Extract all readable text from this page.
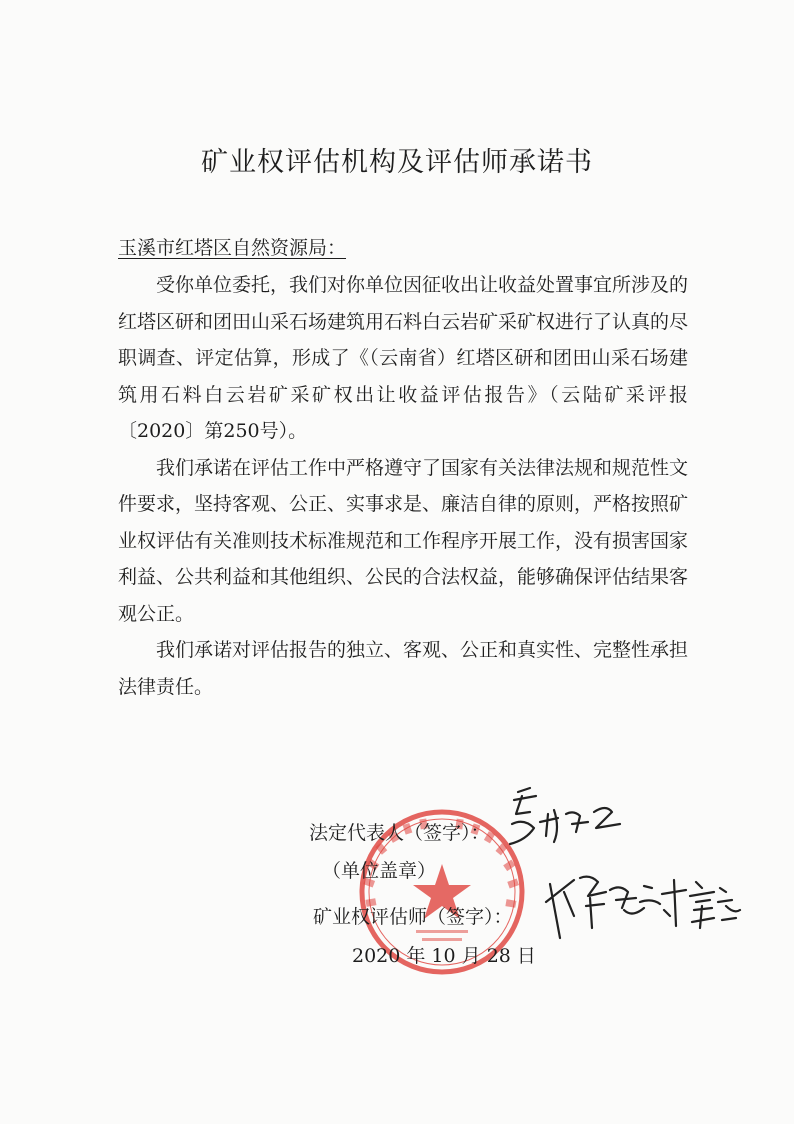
矿业权评估机构及评估师承诺书

玉溪市红塔区自然资源局：

受你单位委托，我们对你单位因征收出让收益处置事宜所涉及的红塔区研和团田山采石场建筑用石料白云岩矿采矿权进行了认真的尽职调查、评定估算，形成了《（云南省）红塔区研和团田山采石场建筑用石料白云岩矿采矿权出让收益评估报告》（云陆矿采评报〔2020〕第250号）。

我们承诺在评估工作中严格遵守了国家有关法律法规和规范性文件要求，坚持客观、公正、实事求是、廉洁自律的原则，严格按照矿业权评估有关准则技术标准规范和工作程序开展工作，没有损害国家利益、公共利益和其他组织、公民的合法权益，能够确保评估结果客观公正。

我们承诺对评估报告的独立、客观、公正和真实性、完整性承担法律责任。

法定代表人（签字）：
（单位盖章）
矿业权评估师（签字）：
2020 年 10 月 28 日
